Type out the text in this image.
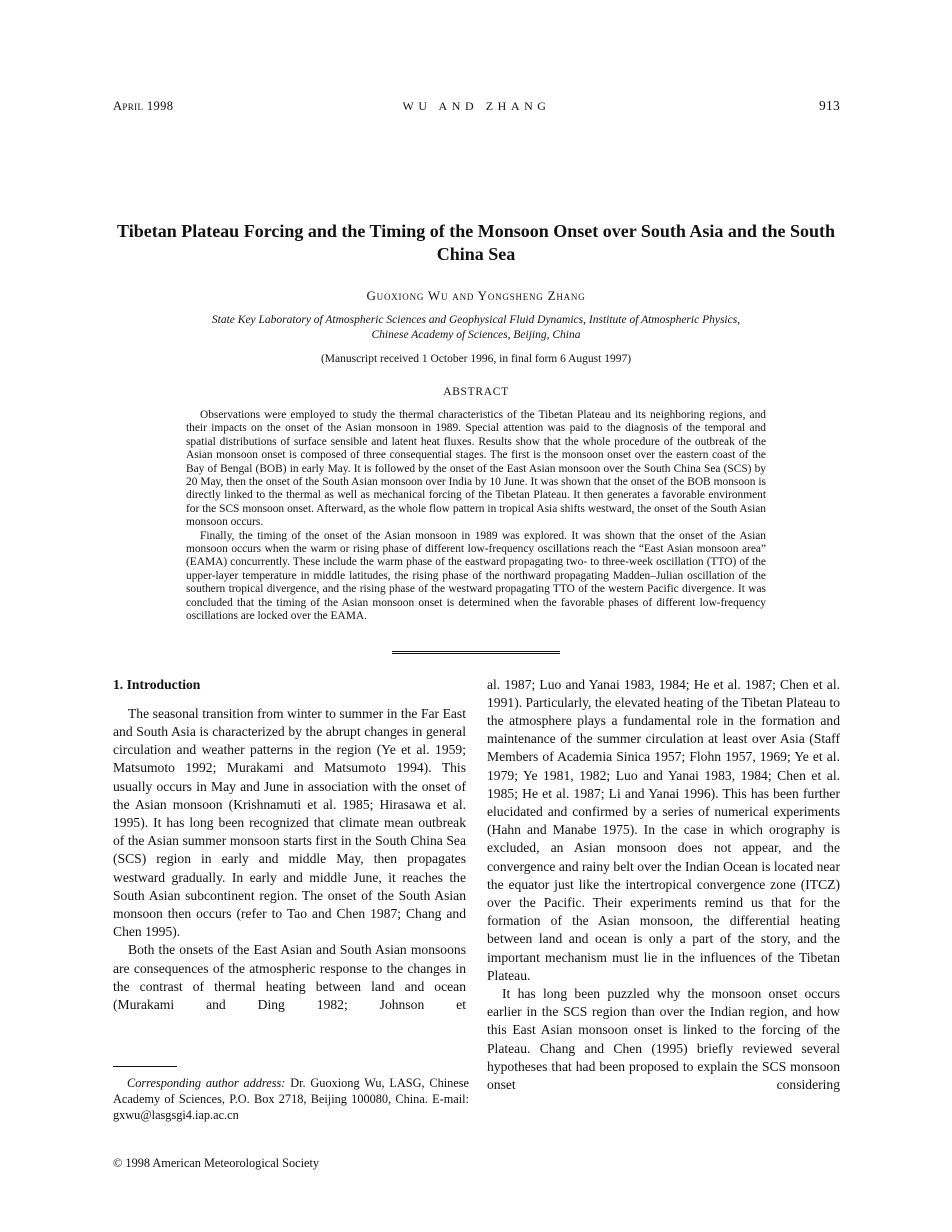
April 1998	WU AND ZHANG	913
Tibetan Plateau Forcing and the Timing of the Monsoon Onset over South Asia and the South China Sea
Guoxiong Wu and Yongsheng Zhang
State Key Laboratory of Atmospheric Sciences and Geophysical Fluid Dynamics, Institute of Atmospheric Physics,
Chinese Academy of Sciences, Beijing, China
(Manuscript received 1 October 1996, in final form 6 August 1997)
ABSTRACT

Observations were employed to study the thermal characteristics of the Tibetan Plateau and its neighboring regions, and their impacts on the onset of the Asian monsoon in 1989. Special attention was paid to the diagnosis of the temporal and spatial distributions of surface sensible and latent heat fluxes. Results show that the whole procedure of the outbreak of the Asian monsoon onset is composed of three consequential stages. The first is the monsoon onset over the eastern coast of the Bay of Bengal (BOB) in early May. It is followed by the onset of the East Asian monsoon over the South China Sea (SCS) by 20 May, then the onset of the South Asian monsoon over India by 10 June. It was shown that the onset of the BOB monsoon is directly linked to the thermal as well as mechanical forcing of the Tibetan Plateau. It then generates a favorable environment for the SCS monsoon onset. Afterward, as the whole flow pattern in tropical Asia shifts westward, the onset of the South Asian monsoon occurs.

Finally, the timing of the onset of the Asian monsoon in 1989 was explored. It was shown that the onset of the Asian monsoon occurs when the warm or rising phase of different low-frequency oscillations reach the “East Asian monsoon area” (EAMA) concurrently. These include the warm phase of the eastward propagating two- to three-week oscillation (TTO) of the upper-layer temperature in middle latitudes, the rising phase of the northward propagating Madden–Julian oscillation of the southern tropical divergence, and the rising phase of the westward propagating TTO of the western Pacific divergence. It was concluded that the timing of the Asian monsoon onset is determined when the favorable phases of different low-frequency oscillations are locked over the EAMA.

1. Introduction

The seasonal transition from winter to summer in the Far East and South Asia is characterized by the abrupt changes in general circulation and weather patterns in the region (Ye et al. 1959; Matsumoto 1992; Murakami and Matsumoto 1994). This usually occurs in May and June in association with the onset of the Asian monsoon (Krishnamuti et al. 1985; Hirasawa et al. 1995). It has long been recognized that climate mean outbreak of the Asian summer monsoon starts first in the South China Sea (SCS) region in early and middle May, then propagates westward gradually. In early and middle June, it reaches the South Asian subcontinent region. The onset of the South Asian monsoon then occurs (refer to Tao and Chen 1987; Chang and Chen 1995).

Both the onsets of the East Asian and South Asian monsoons are consequences of the atmospheric response to the changes in the contrast of thermal heating between land and ocean (Murakami and Ding 1982; Johnson et

al. 1987; Luo and Yanai 1983, 1984; He et al. 1987; Chen et al. 1991). Particularly, the elevated heating of the Tibetan Plateau to the atmosphere plays a fundamental role in the formation and maintenance of the summer circulation at least over Asia (Staff Members of Academia Sinica 1957; Flohn 1957, 1969; Ye et al. 1979; Ye 1981, 1982; Luo and Yanai 1983, 1984; Chen et al. 1985; He et al. 1987; Li and Yanai 1996). This has been further elucidated and confirmed by a series of numerical experiments (Hahn and Manabe 1975). In the case in which orography is excluded, an Asian monsoon does not appear, and the convergence and rainy belt over the Indian Ocean is located near the equator just like the intertropical convergence zone (ITCZ) over the Pacific. Their experiments remind us that for the formation of the Asian monsoon, the differential heating between land and ocean is only a part of the story, and the important mechanism must lie in the influences of the Tibetan Plateau.

It has long been puzzled why the monsoon onset occurs earlier in the SCS region than over the Indian region, and how this East Asian monsoon onset is linked to the forcing of the Plateau. Chang and Chen (1995) briefly reviewed several hypotheses that had been proposed to explain the SCS monsoon onset considering

Corresponding author address: Dr. Guoxiong Wu, LASG, Chinese Academy of Sciences, P.O. Box 2718, Beijing 100080, China. E-mail: gxwu@lasgsgi4.iap.ac.cn

© 1998 American Meteorological Society
